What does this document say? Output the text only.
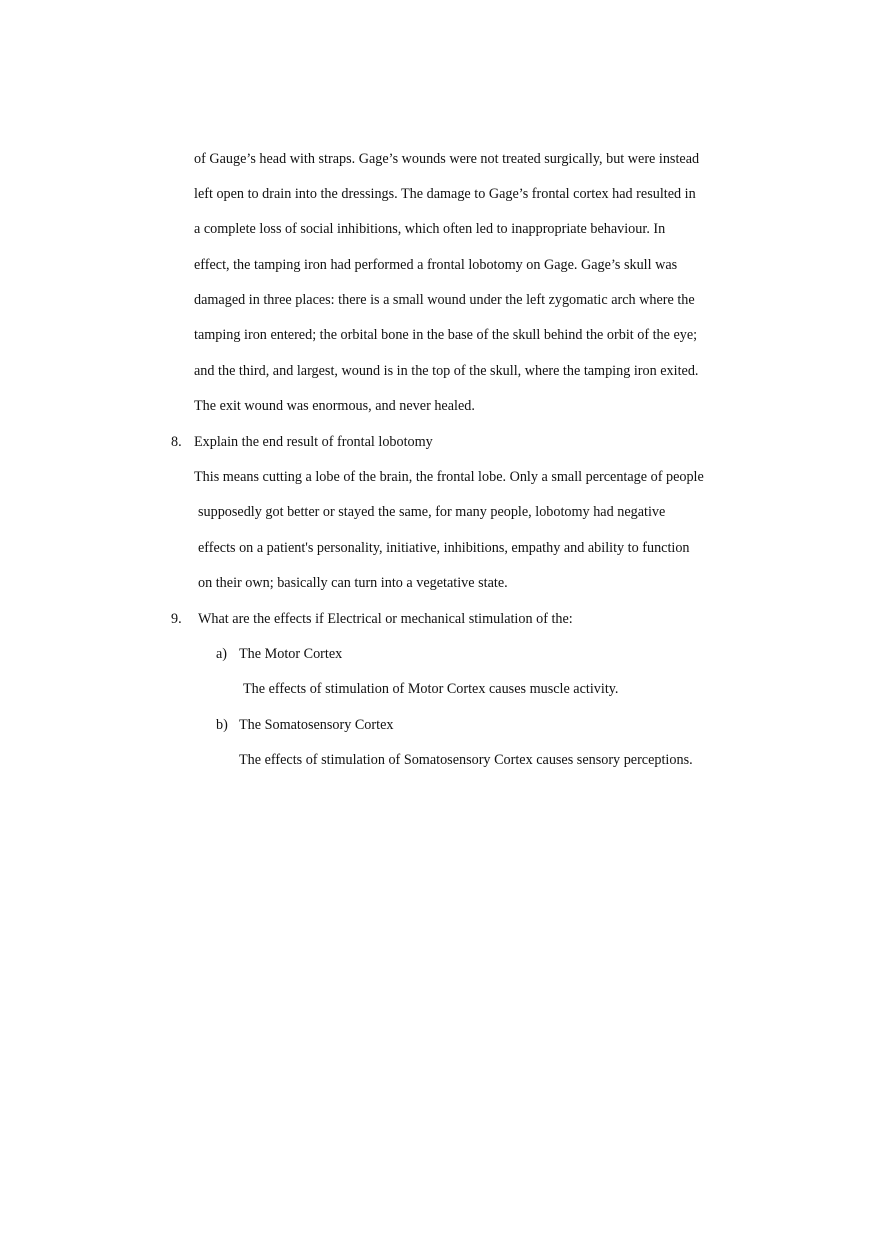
of Gauge’s head with straps. Gage’s wounds were not treated surgically, but were instead
left open to drain into the dressings. The damage to Gage’s frontal cortex had resulted in
a complete loss of social inhibitions, which often led to inappropriate behaviour. In
effect, the tamping iron had performed a frontal lobotomy on Gage. Gage’s skull was
damaged in three places: there is a small wound under the left zygomatic arch where the
tamping iron entered; the orbital bone in the base of the skull behind the orbit of the eye;
and the third, and largest, wound is in the top of the skull, where the tamping iron exited.
The exit wound was enormous, and never healed.
8. Explain the end result of frontal lobotomy
This means cutting a lobe of the brain, the frontal lobe. Only a small percentage of people
supposedly got better or stayed the same, for many people, lobotomy had negative
effects on a patient's personality, initiative, inhibitions, empathy and ability to function
on their own; basically can turn into a vegetative state.
9. What are the effects if Electrical or mechanical stimulation of the:
a) The Motor Cortex
The effects of stimulation of Motor Cortex causes muscle activity.
b) The Somatosensory Cortex
The effects of stimulation of Somatosensory Cortex causes sensory perceptions.
